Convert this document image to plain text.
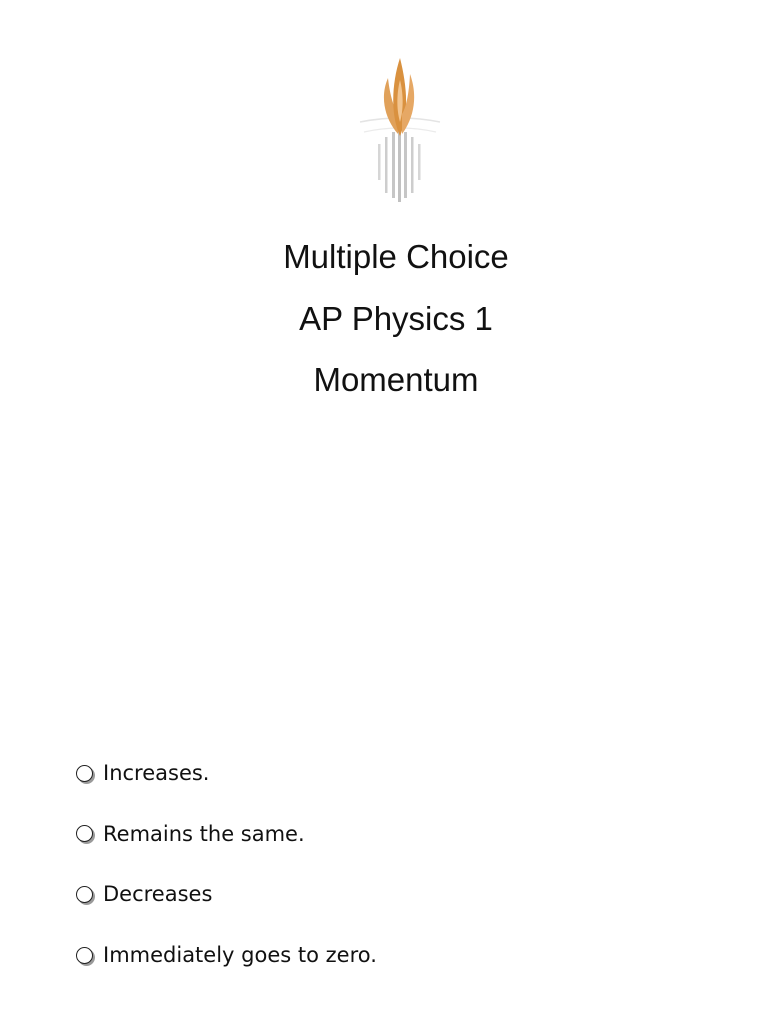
Multiple Choice
AP Physics 1
Momentum
Increases.
Remains the same.
Decreases
Immediately goes to zero.
